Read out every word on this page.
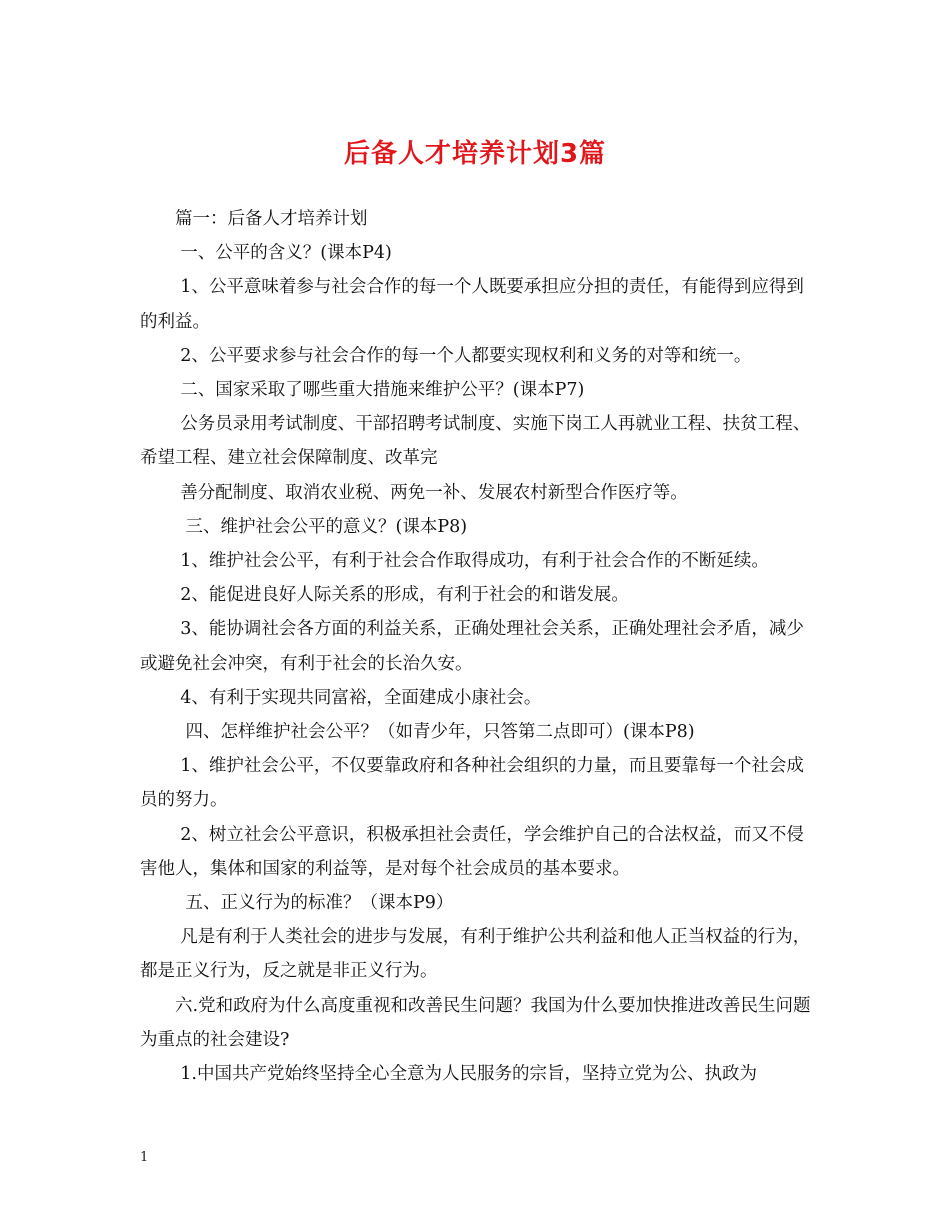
后备人才培养计划3篇

篇一：后备人才培养计划

一、公平的含义？(课本P4)

1、公平意味着参与社会合作的每一个人既要承担应分担的责任，有能得到应得到的利益。

2、公平要求参与社会合作的每一个人都要实现权利和义务的对等和统一。

二、国家采取了哪些重大措施来维护公平？(课本P7)

公务员录用考试制度、干部招聘考试制度、实施下岗工人再就业工程、扶贫工程、希望工程、建立社会保障制度、改革完

善分配制度、取消农业税、两免一补、发展农村新型合作医疗等。

三、维护社会公平的意义？(课本P8)

1、维护社会公平，有利于社会合作取得成功，有利于社会合作的不断延续。

2、能促进良好人际关系的形成，有利于社会的和谐发展。

3、能协调社会各方面的利益关系，正确处理社会关系，正确处理社会矛盾，减少或避免社会冲突，有利于社会的长治久安。

4、有利于实现共同富裕，全面建成小康社会。

四、怎样维护社会公平？（如青少年，只答第二点即可）(课本P8)

1、维护社会公平，不仅要靠政府和各种社会组织的力量，而且要靠每一个社会成员的努力。

2、树立社会公平意识，积极承担社会责任，学会维护自己的合法权益，而又不侵害他人，集体和国家的利益等，是对每个社会成员的基本要求。

五、正义行为的标准？（课本P9）

凡是有利于人类社会的进步与发展，有利于维护公共利益和他人正当权益的行为，都是正义行为，反之就是非正义行为。

六.党和政府为什么高度重视和改善民生问题？我国为什么要加快推进改善民生问题为重点的社会建设?

1.中国共产党始终坚持全心全意为人民服务的宗旨，坚持立党为公、执政为

1
